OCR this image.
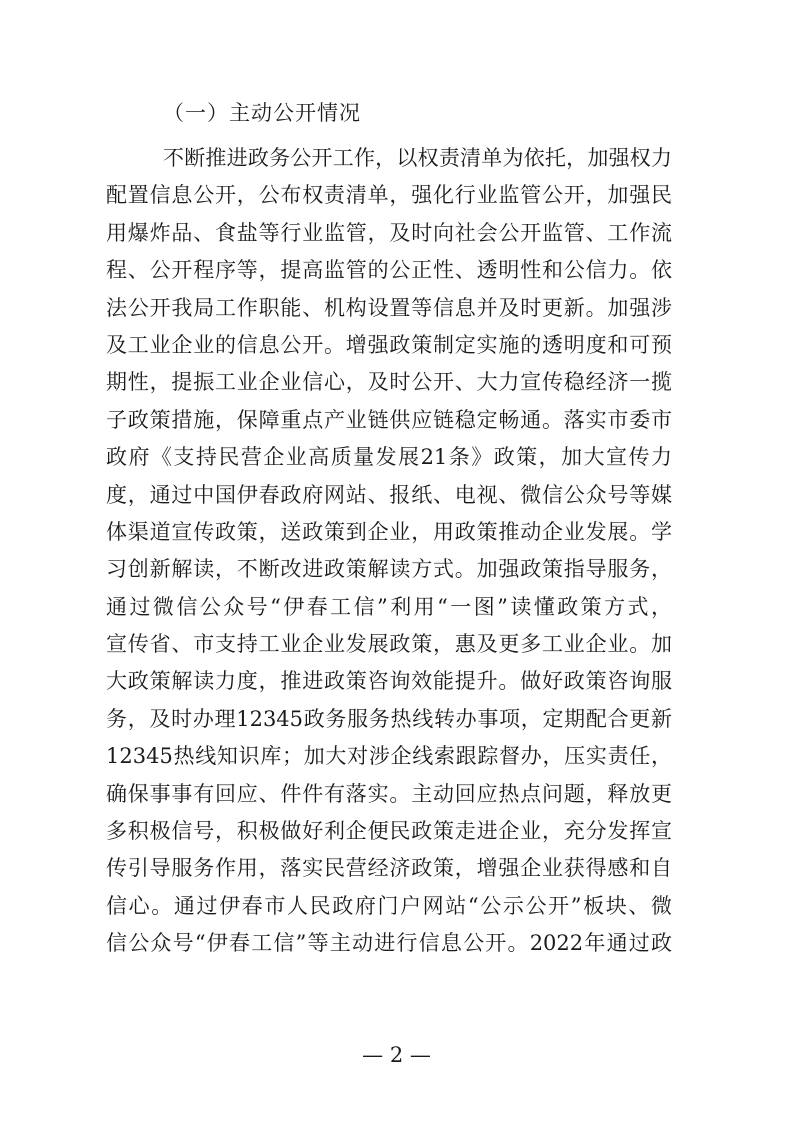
（一）主动公开情况
不断推进政务公开工作，以权责清单为依托，加强权力
配置信息公开，公布权责清单，强化行业监管公开，加强民
用爆炸品、食盐等行业监管，及时向社会公开监管、工作流
程、公开程序等，提高监管的公正性、透明性和公信力。依
法公开我局工作职能、机构设置等信息并及时更新。加强涉
及工业企业的信息公开。增强政策制定实施的透明度和可预
期性，提振工业企业信心，及时公开、大力宣传稳经济一揽
子政策措施，保障重点产业链供应链稳定畅通。落实市委市
政府《支持民营企业高质量发展21条》政策，加大宣传力
度，通过中国伊春政府网站、报纸、电视、微信公众号等媒
体渠道宣传政策，送政策到企业，用政策推动企业发展。学
习创新解读，不断改进政策解读方式。加强政策指导服务，
通过微信公众号“伊春工信”利用“一图”读懂政策方式，
宣传省、市支持工业企业发展政策，惠及更多工业企业。加
大政策解读力度，推进政策咨询效能提升。做好政策咨询服
务，及时办理12345政务服务热线转办事项，定期配合更新
12345热线知识库；加大对涉企线索跟踪督办，压实责任，
确保事事有回应、件件有落实。主动回应热点问题，释放更
多积极信号，积极做好利企便民政策走进企业，充分发挥宣
传引导服务作用，落实民营经济政策，增强企业获得感和自
信心。通过伊春市人民政府门户网站“公示公开”板块、微
信公众号“伊春工信”等主动进行信息公开。2022年通过政
— 2 —
